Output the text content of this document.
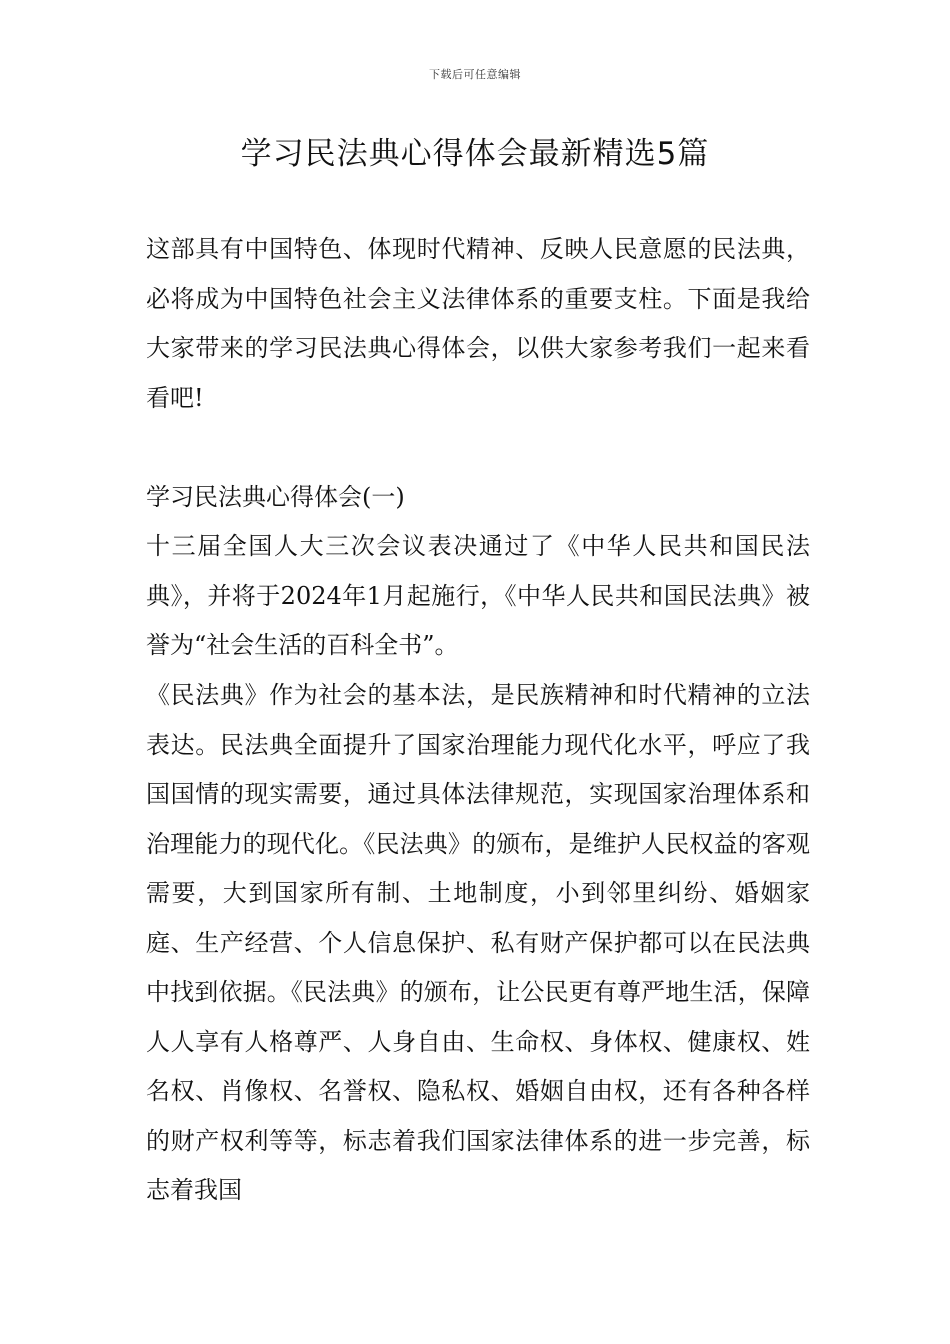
下载后可任意编辑
学习民法典心得体会最新精选5篇

这部具有中国特色、体现时代精神、反映人民意愿的民法典，必将成为中国特色社会主义法律体系的重要支柱。下面是我给大家带来的学习民法典心得体会，以供大家参考我们一起来看看吧!

学习民法典心得体会(一)

十三届全国人大三次会议表决通过了《中华人民共和国民法典》，并将于2024年1月起施行，《中华人民共和国民法典》被誉为“社会生活的百科全书”。

《民法典》作为社会的基本法，是民族精神和时代精神的立法表达。民法典全面提升了国家治理能力现代化水平，呼应了我国国情的现实需要，通过具体法律规范，实现国家治理体系和治理能力的现代化。《民法典》的颁布，是维护人民权益的客观需要，大到国家所有制、土地制度，小到邻里纠纷、婚姻家庭、生产经营、个人信息保护、私有财产保护都可以在民法典中找到依据。《民法典》的颁布，让公民更有尊严地生活，保障人人享有人格尊严、人身自由、生命权、身体权、健康权、姓名权、肖像权、名誉权、隐私权、婚姻自由权，还有各种各样的财产权利等等，标志着我们国家法律体系的进一步完善，标志着我国
